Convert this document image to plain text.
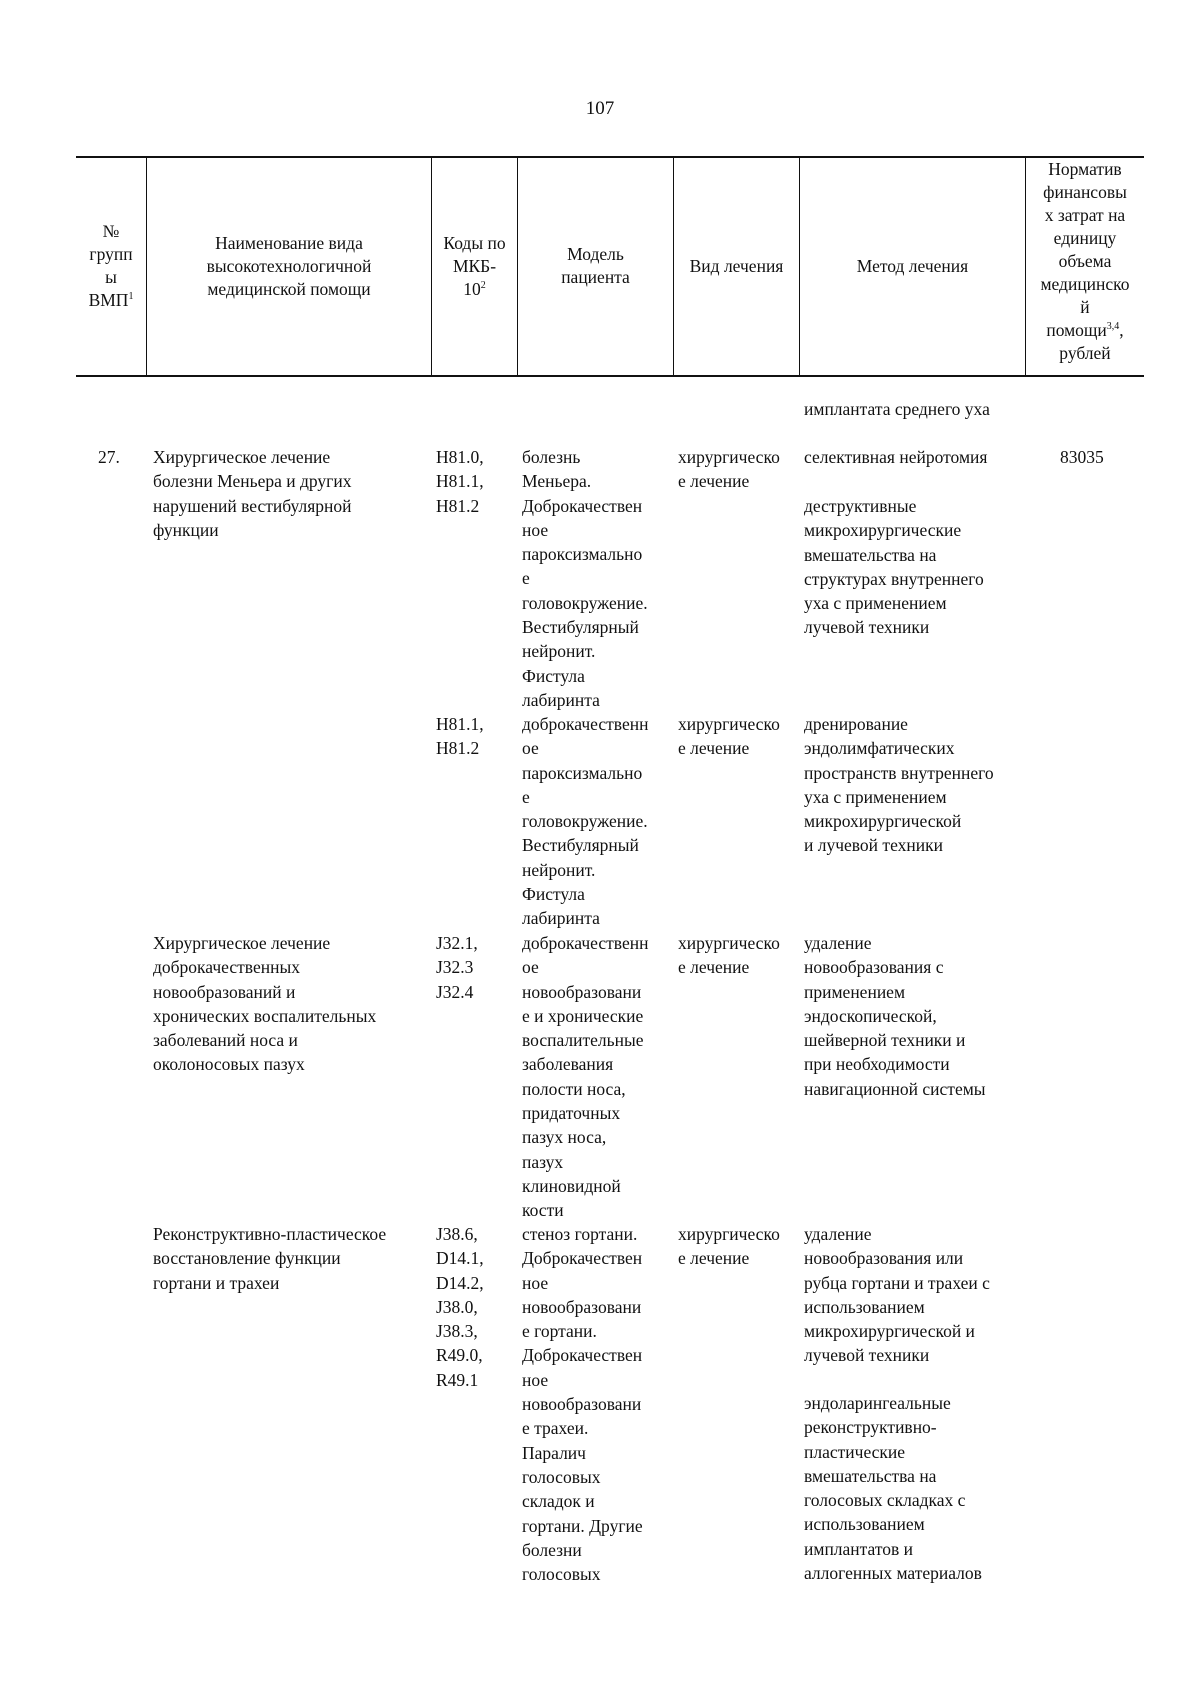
107
№
групп
ы
ВМП$^1$
Наименование вида
высокотехнологичной
медицинской помощи
Коды по
МКБ-
$10^2$
Модель
пациента
Вид лечения	Метод лечения
Норматив
финансовы
х затрат на
единицу
объема
медицинско
й
помощи$^{3,4}$,
рублей
имплантата среднего уха
27.	83035
Хирургическое лечение
болезни Меньера и других
нарушений вестибулярной
функции
H81.0,
H81.1,
H81.2
болезнь
Меньера.
Доброкачествен
ное
пароксизмально
е
головокружение.
Вестибулярный
нейронит.
Фистула
лабиринта
хирургическо
е лечение
селективная нейротомия
деструктивные
микрохирургические
вмешательства на
структурах внутреннего
уха с применением
лучевой техники
H81.1,
H81.2
доброкачественн
ое
пароксизмально
е
головокружение.
Вестибулярный
нейронит.
Фистула
лабиринта
хирургическо
е лечение
дренирование
эндолимфатических
пространств внутреннего
уха с применением
микрохирургической
и лучевой техники
Хирургическое лечение
доброкачественных
новообразований и
хронических воспалительных
заболеваний носа и
околоносовых пазух
J32.1,
J32.3
J32.4
доброкачественн
ое
новообразовани
е и хронические
воспалительные
заболевания
полости носа,
придаточных
пазух носа,
пазух
клиновидной
кости
хирургическо
е лечение
удаление
новообразования с
применением
эндоскопической,
шейверной техники и
при необходимости
навигационной системы
Реконструктивно-пластическое
восстановление функции
гортани и трахеи
J38.6,
D14.1,
D14.2,
J38.0,
J38.3,
R49.0,
R49.1
стеноз гортани.
Доброкачествен
ное
новообразовани
е гортани.
Доброкачествен
ное
новообразовани
е трахеи.
Паралич
голосовых
складок и
гортани. Другие
болезни
голосовых
хирургическо
е лечение
удаление
новообразования или
рубца гортани и трахеи с
использованием
микрохирургической и
лучевой техники
эндоларингеальные
реконструктивно-
пластические
вмешательства на
голосовых складках с
использованием
имплантатов и
аллогенных материалов
